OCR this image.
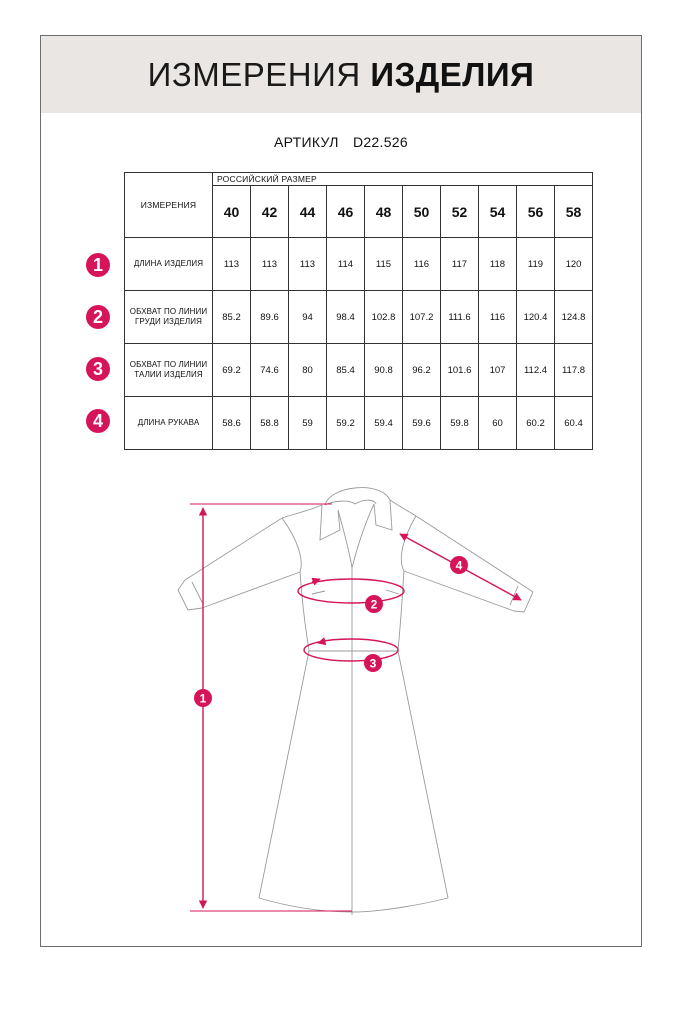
ИЗМЕРЕНИЯ ИЗДЕЛИЯ
АРТИКУЛ D22.526
ИЗМЕРЕНИЯ	РОССИЙСКИЙ РАЗМЕР									
	40	42	44	46	48	50	52	54	56	58
ДЛИНА ИЗДЕЛИЯ	113	113	113	114	115	116	117	118	119	120
ОБХВАТ ПО ЛИНИИ ГРУДИ ИЗДЕЛИЯ	85.2	89.6	94	98.4	102.8	107.2	111.6	116	120.4	124.8
ОБХВАТ ПО ЛИНИИ ТАЛИИ ИЗДЕЛИЯ	69.2	74.6	80	85.4	90.8	96.2	101.6	107	112.4	117.8
ДЛИНА РУКАВА	58.6	58.8	59	59.2	59.4	59.6	59.8	60	60.2	60.4
1
2
3
4
1
2
3
4
